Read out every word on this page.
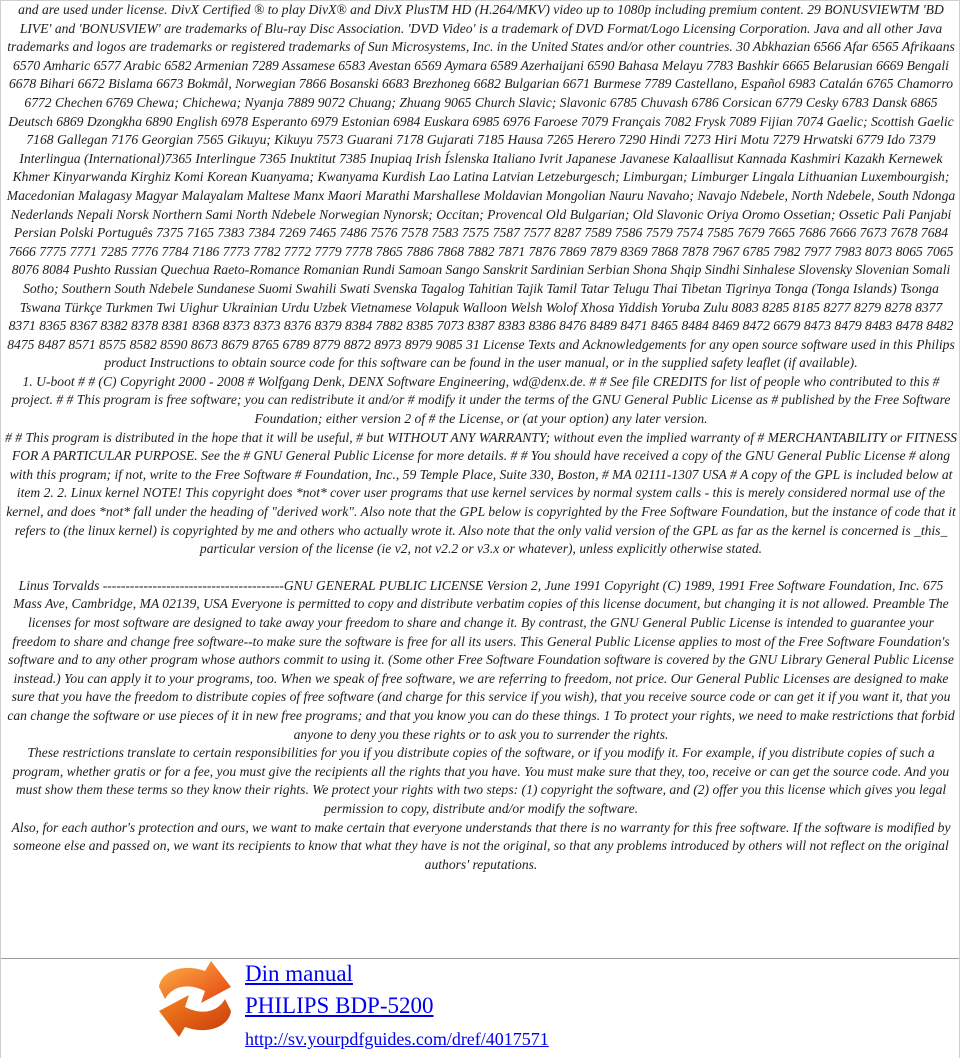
and are used under license. DivX Certified ® to play DivX® and DivX PlusTM HD (H.264/MKV) video up to 1080p including premium content. 29 BONUSVIEWTM 'BD LIVE' and 'BONUSVIEW' are trademarks of Blu-ray Disc Association. 'DVD Video' is a trademark of DVD Format/Logo Licensing Corporation. Java and all other Java trademarks and logos are trademarks or registered trademarks of Sun Microsystems, Inc. in the United States and/or other countries. 30 Abkhazian 6566 Afar 6565 Afrikaans 6570 Amharic 6577 Arabic 6582 Armenian 7289 Assamese 6583 Avestan 6569 Aymara 6589 Azerhaijani 6590 Bahasa Melayu 7783 Bashkir 6665 Belarusian 6669 Bengali 6678 Bihari 6672 Bislama 6673 Bokmål, Norwegian 7866 Bosanski 6683 Brezhoneg 6682 Bulgarian 6671 Burmese 7789 Castellano, Español 6983 Catalán 6765 Chamorro 6772 Chechen 6769 Chewa; Chichewa; Nyanja 7889 9072 Chuang; Zhuang 9065 Church Slavic; Slavonic 6785 Chuvash 6786 Corsican 6779 Cesky 6783 Dansk 6865 Deutsch 6869 Dzongkha 6890 English 6978 Esperanto 6979 Estonian 6984 Euskara 6985 6976 Faroese 7079 Français 7082 Frysk 7089 Fijian 7074 Gaelic; Scottish Gaelic 7168 Gallegan 7176 Georgian 7565 Gikuyu; Kikuyu 7573 Guarani 7178 Gujarati 7185 Hausa 7265 Herero 7290 Hindi 7273 Hiri Motu 7279 Hrwatski 6779 Ido 7379 Interlingua (International)7365 Interlingue 7365 Inuktitut 7385 Inupiaq Irish Íslenska Italiano Ivrit Japanese Javanese Kalaallisut Kannada Kashmiri Kazakh Kernewek Khmer Kinyarwanda Kirghiz Komi Korean Kuanyama; Kwanyama Kurdish Lao Latina Latvian Letzeburgesch; Limburgan; Limburger Lingala Lithuanian Luxembourgish; Macedonian Malagasy Magyar Malayalam Maltese Manx Maori Marathi Marshallese Moldavian Mongolian Nauru Navaho; Navajo Ndebele, North Ndebele, South Ndonga Nederlands Nepali Norsk Northern Sami North Ndebele Norwegian Nynorsk; Occitan; Provencal Old Bulgarian; Old Slavonic Oriya Oromo Ossetian; Ossetic Pali Panjabi Persian Polski Português 7375 7165 7383 7384 7269 7465 7486 7576 7578 7583 7575 7587 7577 8287 7589 7586 7579 7574 7585 7679 7665 7686 7666 7673 7678 7684 7666 7775 7771 7285 7776 7784 7186 7773 7782 7772 7779 7778 7865 7886 7868 7882 7871 7876 7869 7879 8369 7868 7878 7967 6785 7982 7977 7983 8073 8065 7065 8076 8084 Pushto Russian Quechua Raeto-Romance Romanian Rundi Samoan Sango Sanskrit Sardinian Serbian Shona Shqip Sindhi Sinhalese Slovensky Slovenian Somali Sotho; Southern South Ndebele Sundanese Suomi Swahili Swati Svenska Tagalog Tahitian Tajik Tamil Tatar Telugu Thai Tibetan Tigrinya Tonga (Tonga Islands) Tsonga Tswana Türkçe Turkmen Twi Uighur Ukrainian Urdu Uzbek Vietnamese Volapuk Walloon Welsh Wolof Xhosa Yiddish Yoruba Zulu 8083 8285 8185 8277 8279 8278 8377 8371 8365 8367 8382 8378 8381 8368 8373 8373 8376 8379 8384 7882 8385 7073 8387 8383 8386 8476 8489 8471 8465 8484 8469 8472 6679 8473 8479 8483 8478 8482 8475 8487 8571 8575 8582 8590 8673 8679 8765 6789 8779 8872 8973 8979 9085 31 License Texts and Acknowledgements for any open source software used in this Philips product Instructions to obtain source code for this software can be found in the user manual, or in the supplied safety leaflet (if available).

1. U-boot # # (C) Copyright 2000 - 2008 # Wolfgang Denk, DENX Software Engineering, wd@denx.de. # # See file CREDITS for list of people who contributed to this # project. # # This program is free software; you can redistribute it and/or # modify it under the terms of the GNU General Public License as # published by the Free Software Foundation; either version 2 of # the License, or (at your option) any later version.

# # This program is distributed in the hope that it will be useful, # but WITHOUT ANY WARRANTY; without even the implied warranty of # MERCHANTABILITY or FITNESS FOR A PARTICULAR PURPOSE. See the # GNU General Public License for more details. # # You should have received a copy of the GNU General Public License # along with this program; if not, write to the Free Software # Foundation, Inc., 59 Temple Place, Suite 330, Boston, # MA 02111-1307 USA # A copy of the GPL is included below at item 2. 2. Linux kernel NOTE! This copyright does *not* cover user programs that use kernel services by normal system calls - this is merely considered normal use of the kernel, and does *not* fall under the heading of "derived work". Also note that the GPL below is copyrighted by the Free Software Foundation, but the instance of code that it refers to (the linux kernel) is copyrighted by me and others who actually wrote it. Also note that the only valid version of the GPL as far as the kernel is concerned is _this_ particular version of the license (ie v2, not v2.2 or v3.x or whatever), unless explicitly otherwise stated.

Linus Torvalds ----------------------------------------GNU GENERAL PUBLIC LICENSE Version 2, June 1991 Copyright (C) 1989, 1991 Free Software Foundation, Inc. 675 Mass Ave, Cambridge, MA 02139, USA Everyone is permitted to copy and distribute verbatim copies of this license document, but changing it is not allowed. Preamble The licenses for most software are designed to take away your freedom to share and change it. By contrast, the GNU General Public License is intended to guarantee your freedom to share and change free software--to make sure the software is free for all its users. This General Public License applies to most of the Free Software Foundation's software and to any other program whose authors commit to using it. (Some other Free Software Foundation software is covered by the GNU Library General Public License instead.) You can apply it to your programs, too. When we speak of free software, we are referring to freedom, not price. Our General Public Licenses are designed to make sure that you have the freedom to distribute copies of free software (and charge for this service if you wish), that you receive source code or can get it if you want it, that you can change the software or use pieces of it in new free programs; and that you know you can do these things. 1 To protect your rights, we need to make restrictions that forbid anyone to deny you these rights or to ask you to surrender the rights.

These restrictions translate to certain responsibilities for you if you distribute copies of the software, or if you modify it. For example, if you distribute copies of such a program, whether gratis or for a fee, you must give the recipients all the rights that you have. You must make sure that they, too, receive or can get the source code. And you must show them these terms so they know their rights. We protect your rights with two steps: (1) copyright the software, and (2) offer you this license which gives you legal permission to copy, distribute and/or modify the software.

Also, for each author's protection and ours, we want to make certain that everyone understands that there is no warranty for this free software. If the software is modified by someone else and passed on, we want its recipients to know that what they have is not the original, so that any problems introduced by others will not reflect on the original authors' reputations.

Din manual
PHILIPS BDP-5200
http://sv.yourpdfguides.com/dref/4017571
